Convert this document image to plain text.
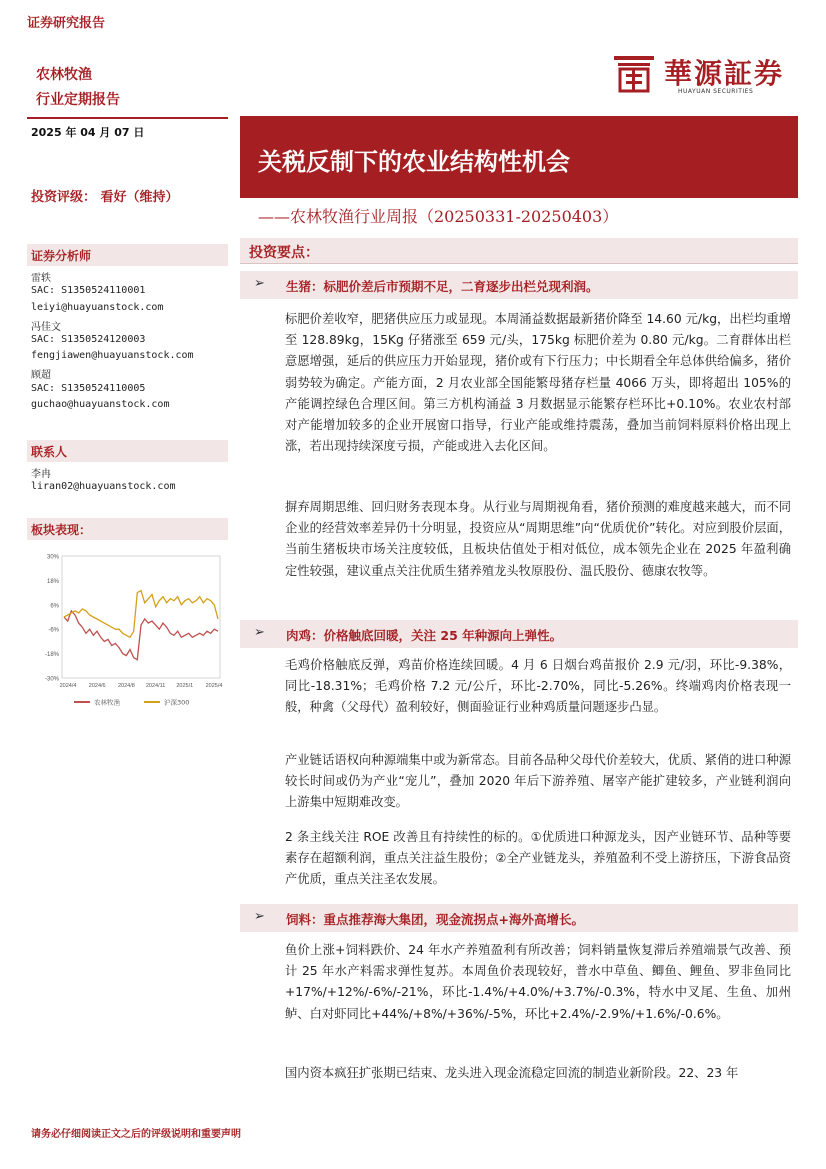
证券研究报告
农林牧渔
行业定期报告
2025 年 04 月 07 日
投资评级： 看好（维持）
華源証券
HUAYUAN SECURITIES
关税反制下的农业结构性机会
——农林牧渔行业周报（20250331-20250403）
投资要点：
证券分析师
雷轶
SAC: S1350524110001
leiyi@huayuanstock.com
冯佳文
SAC: S1350524120003
fengjiawen@huayuanstock.com
顾超
SAC: S1350524110005
guchao@huayuanstock.com
联系人
李冉
liran02@huayuanstock.com
板块表现：
30%
18%
6%
-6%
-18%
-30%
2024/4 2024/6 2024/8 2024/11 2025/1 2025/4
农林牧渔	沪深300
➢ 生猪：标肥价差后市预期不足，二育逐步出栏兑现利润。
标肥价差收窄，肥猪供应压力或显现。本周涌益数据最新猪价降至 14.60 元/kg，出栏均重增至 128.89kg，15Kg 仔猪涨至 659 元/头，175kg 标肥价差为 0.80 元/kg。二育群体出栏意愿增强，延后的供应压力开始显现，猪价或有下行压力；中长期看全年总体供给偏多，猪价弱势较为确定。产能方面，2 月农业部全国能繁母猪存栏量 4066 万头，即将超出 105%的产能调控绿色合理区间。第三方机构涌益 3 月数据显示能繁存栏环比+0.10%。农业农村部对产能增加较多的企业开展窗口指导，行业产能或维持震荡，叠加当前饲料原料价格出现上涨，若出现持续深度亏损，产能或进入去化区间。
摒弃周期思维、回归财务表现本身。从行业与周期视角看，猪价预测的难度越来越大，而不同企业的经营效率差异仍十分明显，投资应从“周期思维”向“优质优价”转化。对应到股价层面，当前生猪板块市场关注度较低，且板块估值处于相对低位，成本领先企业在 2025 年盈利确定性较强，建议重点关注优质生猪养殖龙头牧原股份、温氏股份、德康农牧等。
➢ 肉鸡：价格触底回暖，关注 25 年种源向上弹性。
毛鸡价格触底反弹，鸡苗价格连续回暖。4 月 6 日烟台鸡苗报价 2.9 元/羽，环比-9.38%，同比-18.31%；毛鸡价格 7.2 元/公斤，环比-2.70%，同比-5.26%。终端鸡肉价格表现一般，种禽（父母代）盈利较好，侧面验证行业种鸡质量问题逐步凸显。
产业链话语权向种源端集中或为新常态。目前各品种父母代价差较大，优质、紧俏的进口种源较长时间或仍为产业“宠儿”，叠加 2020 年后下游养殖、屠宰产能扩建较多，产业链利润向上游集中短期难改变。
2 条主线关注 ROE 改善且有持续性的标的。①优质进口种源龙头，因产业链环节、品种等要素存在超额利润，重点关注益生股份；②全产业链龙头，养殖盈利不受上游挤压，下游食品资产优质，重点关注圣农发展。
➢ 饲料：重点推荐海大集团，现金流拐点+海外高增长。
鱼价上涨+饲料跌价、24 年水产养殖盈利有所改善；饲料销量恢复滞后养殖端景气改善、预计 25 年水产料需求弹性复苏。本周鱼价表现较好，普水中草鱼、鲫鱼、鲤鱼、罗非鱼同比+17%/+12%/-6%/-21%，环比-1.4%/+4.0%/+3.7%/-0.3%，特水中叉尾、生鱼、加州鲈、白对虾同比+44%/+8%/+36%/-5%，环比+2.4%/-2.9%/+1.6%/-0.6%。
国内资本疯狂扩张期已结束、龙头进入现金流稳定回流的制造业新阶段。22、23 年
请务必仔细阅读正文之后的评级说明和重要声明
